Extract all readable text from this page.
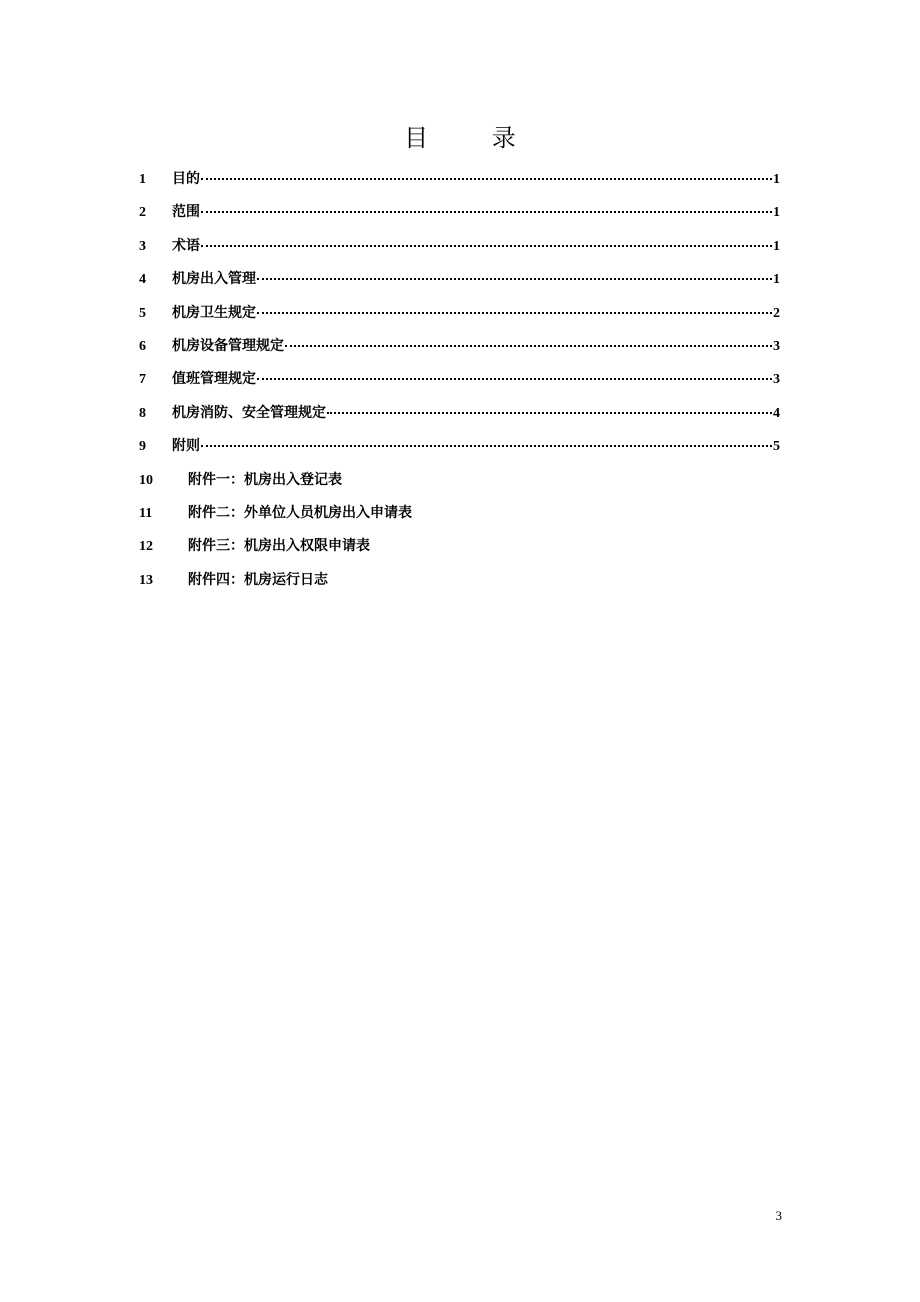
目 录
1	目的	1
2	范围	1
3	术语	1
4	机房出入管理	1
5	机房卫生规定	2
6	机房设备管理规定	3
7	值班管理规定	3
8	机房消防、安全管理规定	4
9	附则	5
10	附件一：机房出入登记表
11	附件二：外单位人员机房出入申请表
12	附件三：机房出入权限申请表
13	附件四：机房运行日志
3
